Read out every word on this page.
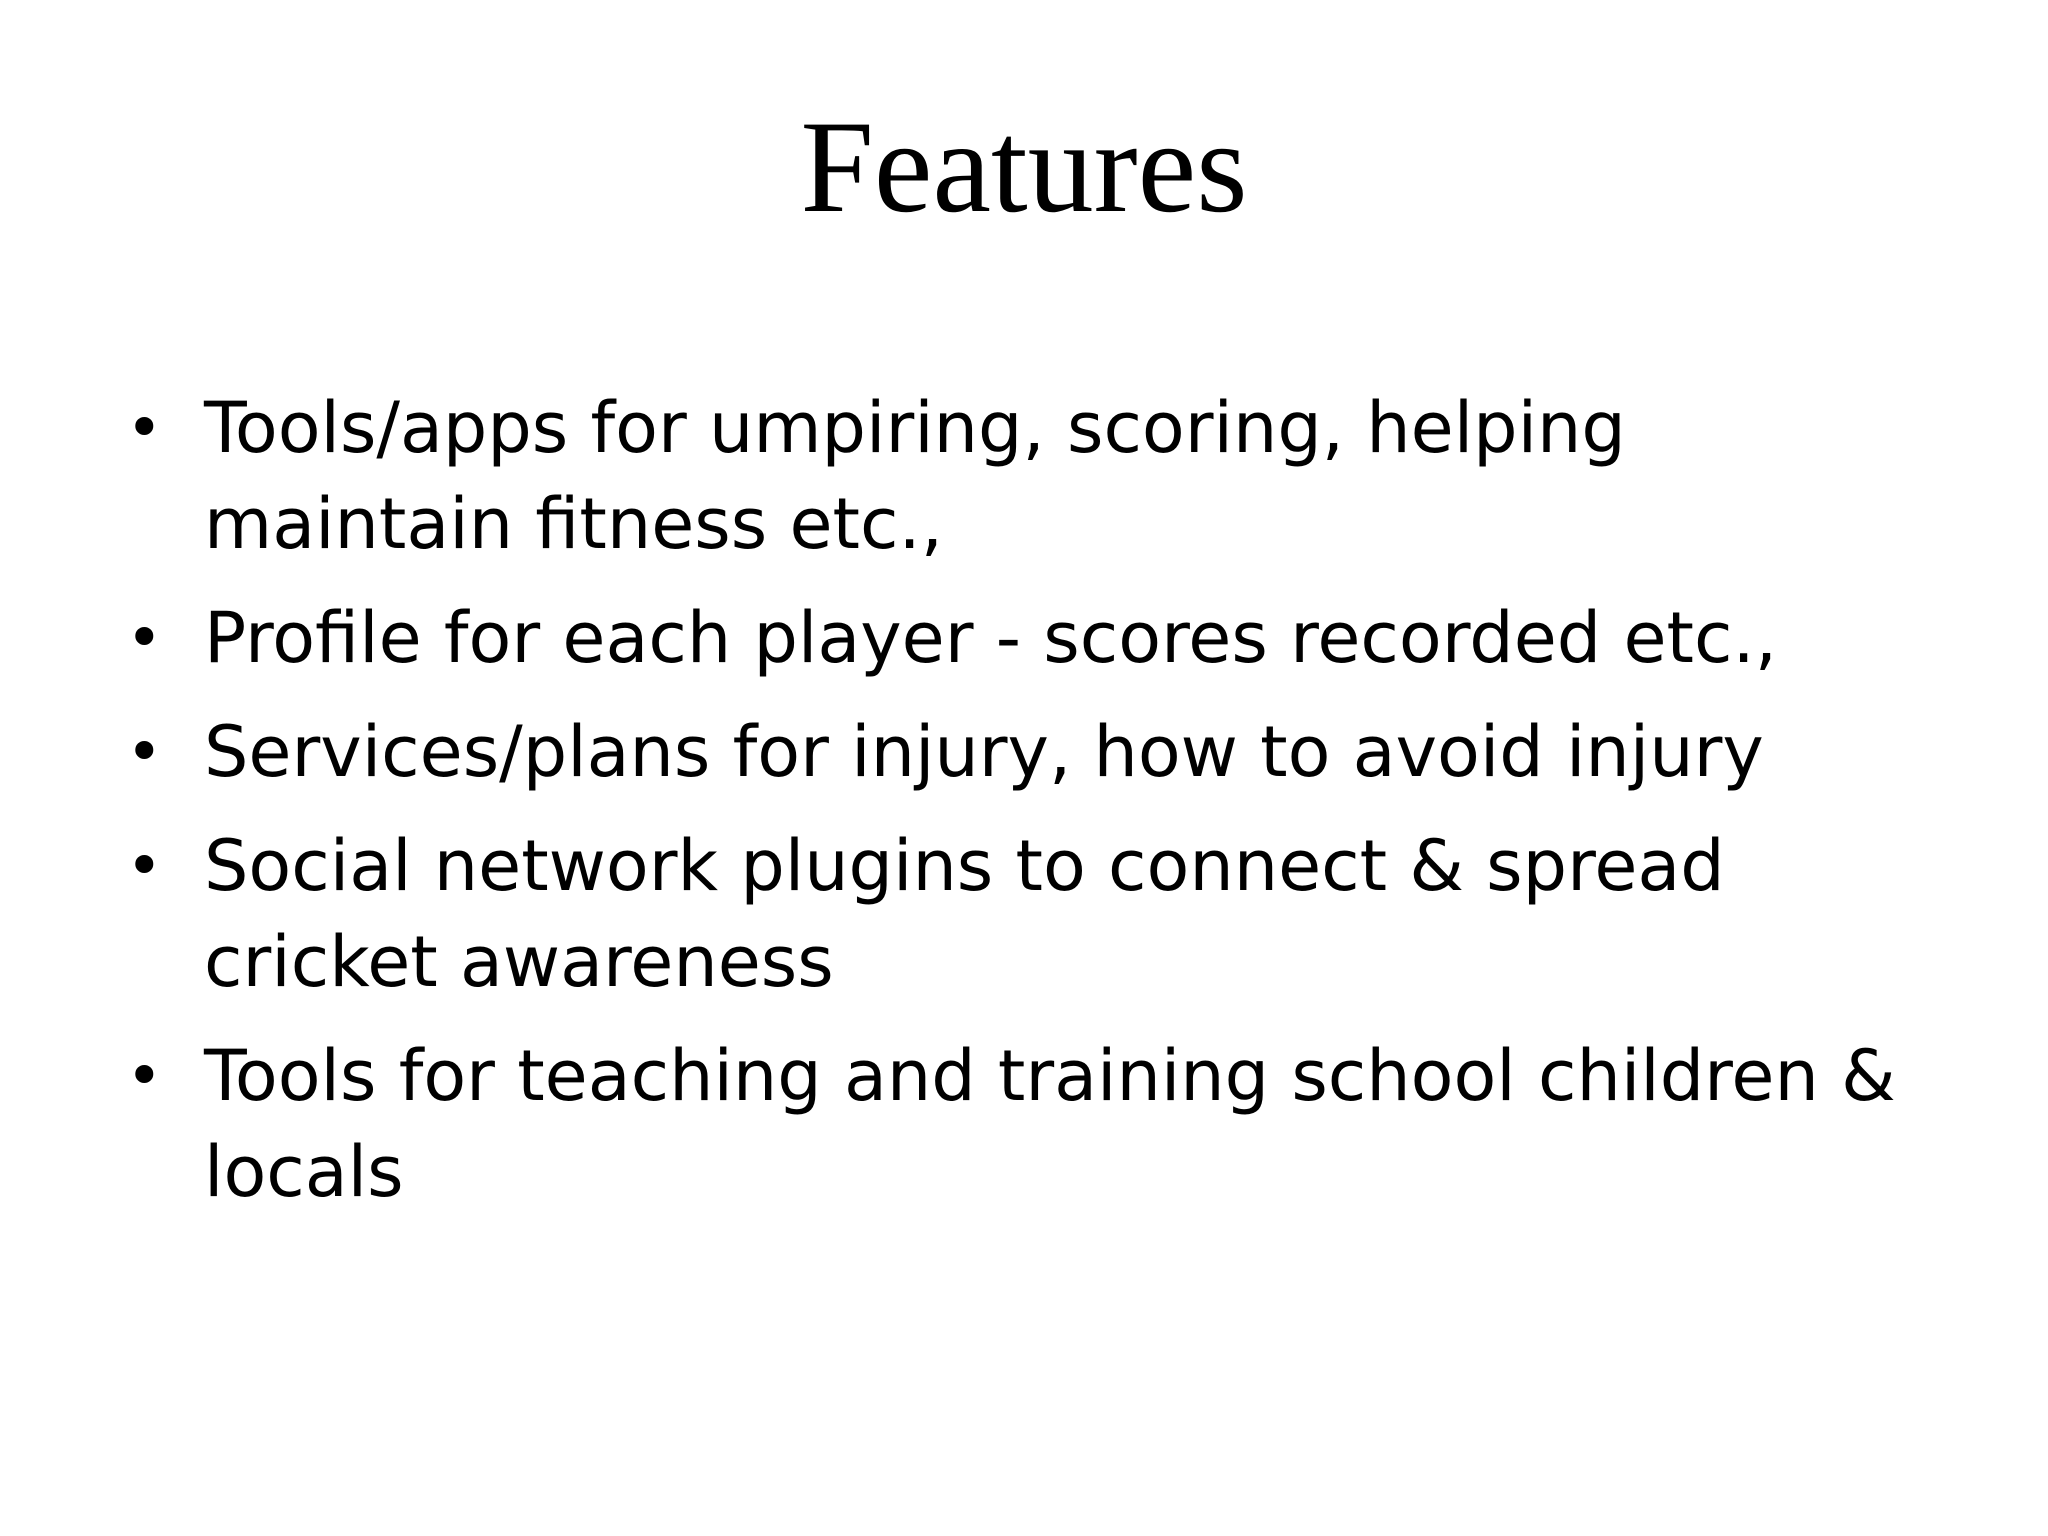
Features
• Tools/apps for umpiring, scoring, helping maintain fitness etc.,
• Profile for each player - scores recorded etc.,
• Services/plans for injury, how to avoid injury
• Social network plugins to connect & spread cricket awareness
• Tools for teaching and training school children & locals
